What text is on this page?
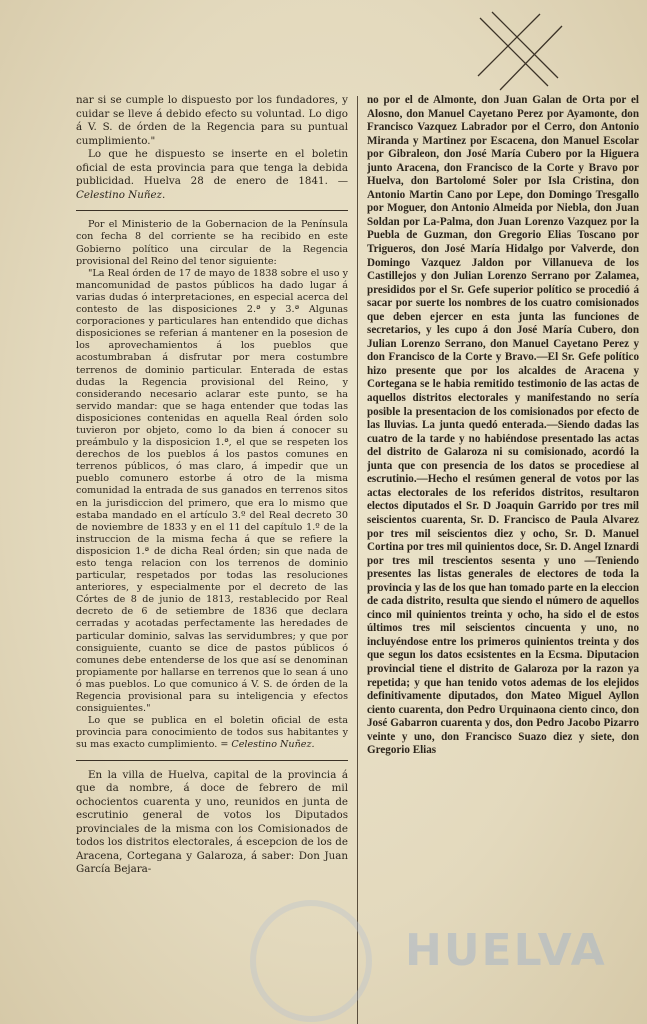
nar si se cumple lo dispuesto por los fundadores, y cuidar se lleve á debido efecto su voluntad. Lo digo á V. S. de órden de la Regencia para su puntual cumplimiento."

Lo que he dispuesto se inserte en el boletin oficial de esta provincia para que tenga la debida publicidad. Huelva 28 de enero de 1841. — Celestino Nuñez.

Por el Ministerio de la Gobernacion de la Península con fecha 8 del corriente se ha recibido en este Gobierno político una circular de la Regencia provisional del Reino del tenor siguiente:

"La Real órden de 17 de mayo de 1838 sobre el uso y mancomunidad de pastos públicos ha dado lugar á varias dudas ó interpretaciones, en especial acerca del contesto de las disposiciones 2.ª y 3.ª Algunas corporaciones y particulares han entendido que dichas disposiciones se referian á mantener en la posesion de los aprovechamientos á los pueblos que acostumbraban á disfrutar por mera costumbre terrenos de dominio particular. Enterada de estas dudas la Regencia provisional del Reino, y considerando necesario aclarar este punto, se ha servido mandar: que se haga entender que todas las disposiciones contenidas en aquella Real órden solo tuvieron por objeto, como lo da bien á conocer su preámbulo y la disposicion 1.ª, el que se respeten los derechos de los pueblos á los pastos comunes en terrenos públicos, ó mas claro, á impedir que un pueblo comunero estorbe á otro de la misma comunidad la entrada de sus ganados en terrenos sitos en la jurisdiccion del primero, que era lo mismo que estaba mandado en el artículo 3.º del Real decreto 30 de noviembre de 1833 y en el 11 del capítulo 1.º de la instruccion de la misma fecha á que se refiere la disposicion 1.ª de dicha Real órden; sin que nada de esto tenga relacion con los terrenos de dominio particular, respetados por todas las resoluciones anteriores, y especialmente por el decreto de las Córtes de 8 de junio de 1813, restablecido por Real decreto de 6 de setiembre de 1836 que declara cerradas y acotadas perfectamente las heredades de particular dominio, salvas las servidumbres; y que por consiguiente, cuanto se dice de pastos públicos ó comunes debe entenderse de los que así se denominan propiamente por hallarse en terrenos que lo sean á uno ó mas pueblos. Lo que comunico á V. S. de órden de la Regencia provisional para su inteligencia y efectos consiguientes."

Lo que se publica en el boletin oficial de esta provincia para conocimiento de todos sus habitantes y su mas exacto cumplimiento. = Celestino Nuñez.

En la villa de Huelva, capital de la provincia á que da nombre, á doce de febrero de mil ochocientos cuarenta y uno, reunidos en junta de escrutinio general de votos los Diputados provinciales de la misma con los Comisionados de todos los distritos electorales, á escepcion de los de Aracena, Cortegana y Galaroza, á saber: Don Juan García Bejara-

no por el de Almonte, don Juan Galan de Orta por el Alosno, don Manuel Cayetano Perez por Ayamonte, don Francisco Vazquez Labrador por el Cerro, don Antonio Miranda y Martinez por Escacena, don Manuel Escolar por Gibraleon, don José María Cubero por la Higuera junto Aracena, don Francisco de la Corte y Bravo por Huelva, don Bartolomé Soler por Isla Cristina, don Antonio Martin Cano por Lepe, don Domingo Tresgallo por Moguer, don Antonio Almeida por Niebla, don Juan Soldan por La-Palma, don Juan Lorenzo Vazquez por la Puebla de Guzman, don Gregorio Elias Toscano por Trigueros, don José María Hidalgo por Valverde, don Domingo Vazquez Jaldon por Villanueva de los Castillejos y don Julian Lorenzo Serrano por Zalamea, presididos por el Sr. Gefe superior político se procedió á sacar por suerte los nombres de los cuatro comisionados que deben ejercer en esta junta las funciones de secretarios, y les cupo á don José María Cubero, don Julian Lorenzo Serrano, don Manuel Cayetano Perez y don Francisco de la Corte y Bravo.—El Sr. Gefe político hizo presente que por los alcaldes de Aracena y Cortegana se le habia remitido testimonio de las actas de aquellos distritos electorales y manifestando no sería posible la presentacion de los comisionados por efecto de las lluvias. La junta quedó enterada.—Siendo dadas las cuatro de la tarde y no habiéndose presentado las actas del distrito de Galaroza ni su comisionado, acordó la junta que con presencia de los datos se procediese al escrutinio.—Hecho el resúmen general de votos por las actas electorales de los referidos distritos, resultaron electos diputados el Sr. D Joaquin Garrido por tres mil seiscientos cuarenta, Sr. D. Francisco de Paula Alvarez por tres mil seiscientos diez y ocho, Sr. D. Manuel Cortina por tres mil quinientos doce, Sr. D. Angel Iznardi por tres mil trescientos sesenta y uno —Teniendo presentes las listas generales de electores de toda la provincia y las de los que han tomado parte en la eleccion de cada distrito, resulta que siendo el número de aquellos cinco mil quinientos treinta y ocho, ha sido el de estos últimos tres mil seiscientos cincuenta y uno, no incluyéndose entre los primeros quinientos treinta y dos que segun los datos ecsistentes en la Ecsma. Diputacion provincial tiene el distrito de Galaroza por la razon ya repetida; y que han tenido votos ademas de los elejidos definitivamente diputados, don Mateo Miguel Ayllon ciento cuarenta, don Pedro Urquinaona ciento cinco, don José Gabarron cuarenta y dos, don Pedro Jacobo Pizarro veinte y uno, don Francisco Suazo diez y siete, don Gregorio Elias

HUELVA
